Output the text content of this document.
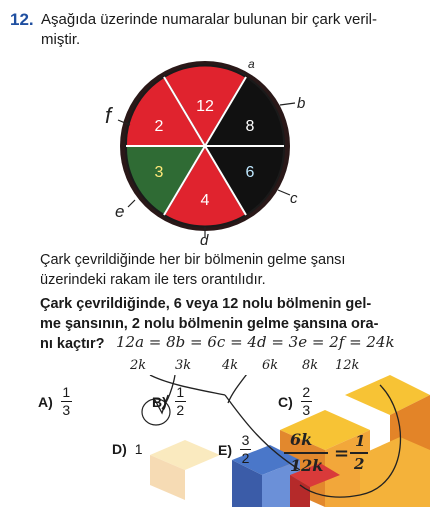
12. Aşağıda üzerinde numaralar bulunan bir çark veril-
miştir.
12
8
6
4
3
2
a
b
c
d
e
f
Çark çevrildiğinde her bir bölmenin gelme şansı
üzerindeki rakam ile ters orantılıdır.
Çark çevrildiğinde, 6 veya 12 nolu bölmenin gel-
me şansının, 2 nolu bölmenin gelme şansına ora-
nı kaçtır? 12a = 8b = 6c = 4d = 3e = 2f = 24k
2k 3k 4k 6k 8k 12k
$A) \frac{1}{3}$	$B) \frac{1}{2}$	$C) \frac{2}{3}$
D) 1	$E) \frac{3}{2} 6k$
12k
=
1
2
